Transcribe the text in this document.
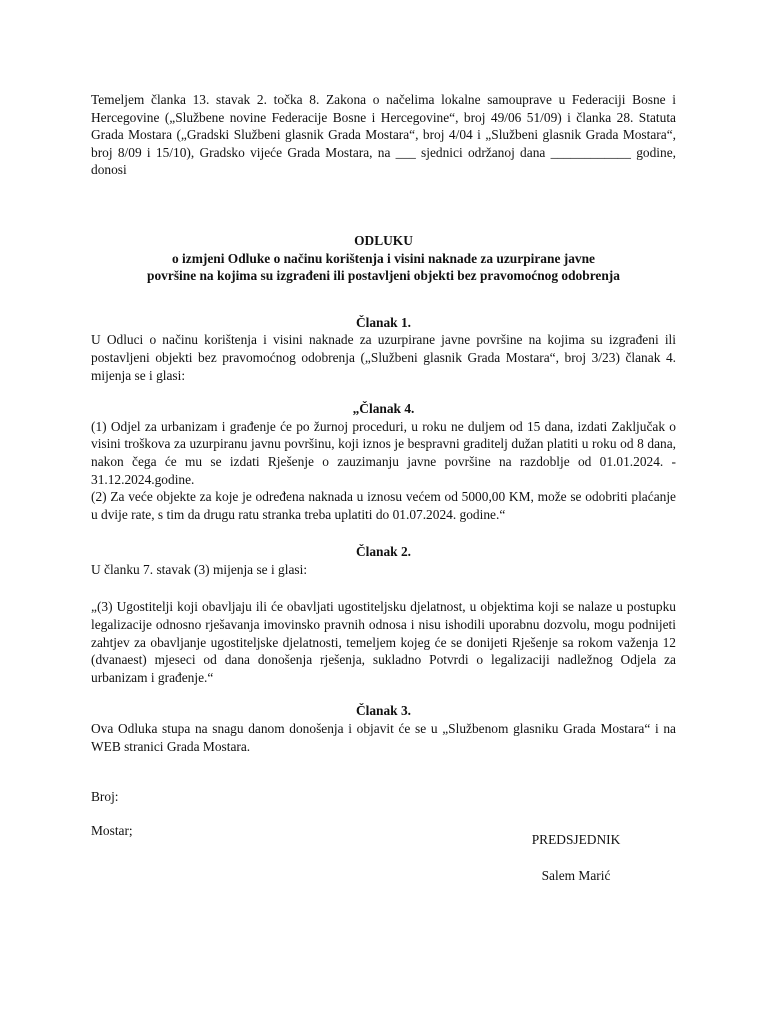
Temeljem članka 13. stavak 2. točka 8. Zakona o načelima lokalne samouprave u Federaciji Bosne i Hercegovine („Službene novine Federacije Bosne i Hercegovine“, broj 49/06 51/09) i članka 28. Statuta Grada Mostara („Gradski Službeni glasnik Grada Mostara“, broj 4/04 i „Službeni glasnik Grada Mostara“, broj 8/09 i 15/10), Gradsko vijeće Grada Mostara, na ___ sjednici održanoj dana ____________ godine, donosi

ODLUKU

o izmjeni Odluke o načinu korištenja i visini naknade za uzurpirane javne

površine na kojima su izgrađeni ili postavljeni objekti bez pravomoćnog odobrenja

Članak 1.

U Odluci o načinu korištenja i visini naknade za uzurpirane javne površine na kojima su izgrađeni ili postavljeni objekti bez pravomoćnog odobrenja („Službeni glasnik Grada Mostara“, broj 3/23) članak 4. mijenja se i glasi:

„Članak 4.

(1) Odjel za urbanizam i građenje će po žurnoj proceduri, u roku ne duljem od 15 dana, izdati Zaključak o visini troškova za uzurpiranu javnu površinu, koji iznos je bespravni graditelj dužan platiti u roku od 8 dana, nakon čega će mu se izdati Rješenje o zauzimanju javne površine na razdoblje od 01.01.2024. - 31.12.2024.godine.

(2) Za veće objekte za koje je određena naknada u iznosu većem od 5000,00 KM, može se odobriti plaćanje u dvije rate, s tim da drugu ratu stranka treba uplatiti do 01.07.2024. godine.“

Članak 2.

U članku 7. stavak (3) mijenja se i glasi:

„(3) Ugostitelji koji obavljaju ili će obavljati ugostiteljsku djelatnost, u objektima koji se nalaze u postupku legalizacije odnosno rješavanja imovinsko pravnih odnosa i nisu ishodili uporabnu dozvolu, mogu podnijeti zahtjev za obavljanje ugostiteljske djelatnosti, temeljem kojeg će se donijeti Rješenje sa rokom važenja 12 (dvanaest) mjeseci od dana donošenja rješenja, sukladno Potvrdi o legalizaciji nadležnog Odjela za urbanizam i građenje.“

Članak 3.

Ova Odluka stupa na snagu danom donošenja i objavit će se u „Službenom glasniku Grada Mostara“ i na WEB stranici Grada Mostara.

Broj:

Mostar;

PREDSJEDNIK

Salem Marić
